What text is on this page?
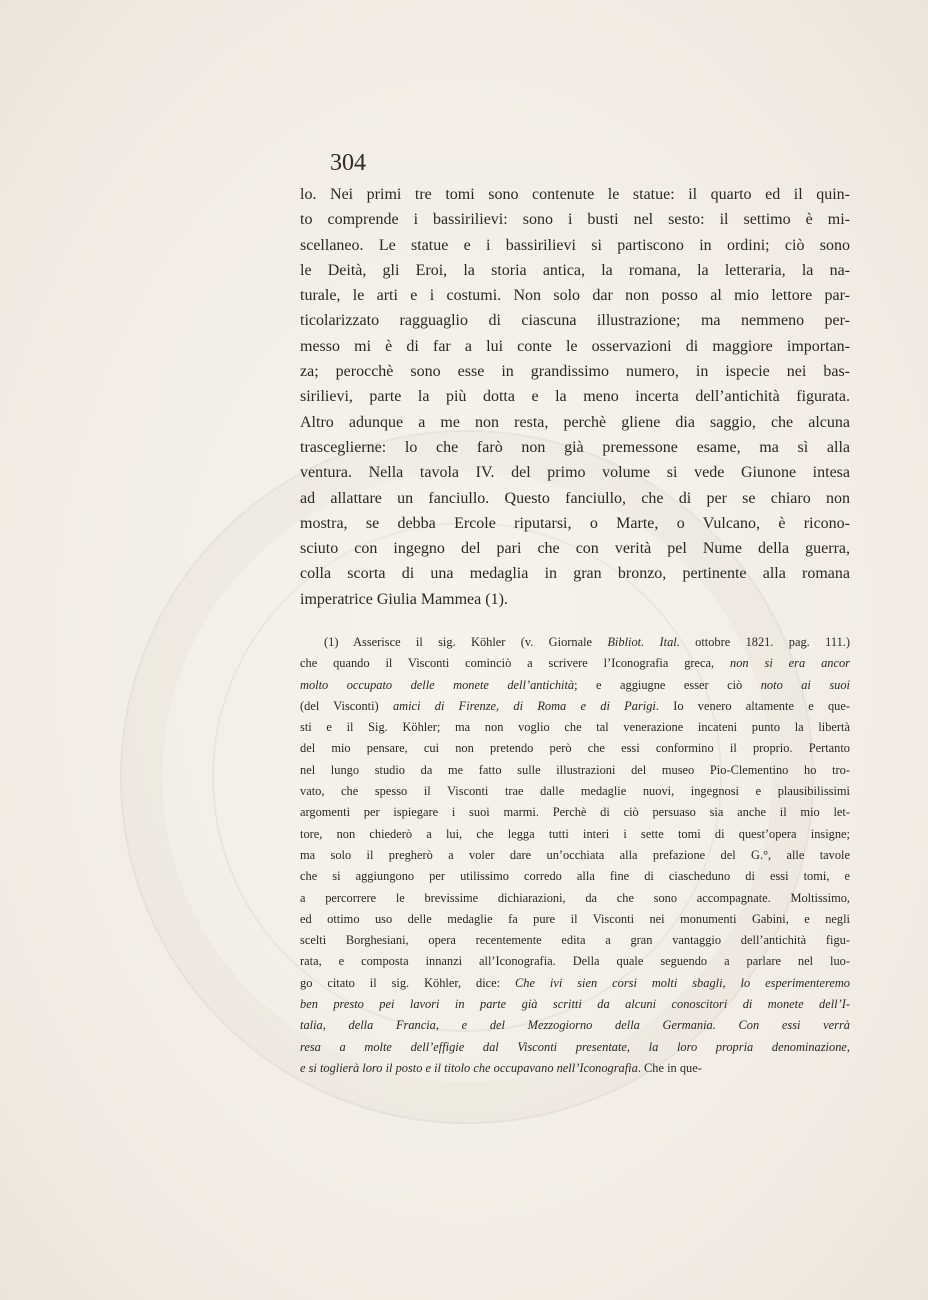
304
lo. Nei primi tre tomi sono contenute le statue: il quarto ed il quin-
to comprende i bassirilievi: sono i busti nel sesto: il settimo è mi-
scellaneo. Le statue e i bassirilievi si partiscono in ordini; ciò sono
le Deità, gli Eroi, la storia antica, la romana, la letteraria, la na-
turale, le arti e i costumi. Non solo dar non posso al mio lettore par-
ticolarizzato ragguaglio di ciascuna illustrazione; ma nemmeno per-
messo mi è di far a lui conte le osservazioni di maggiore importan-
za; perocchè sono esse in grandissimo numero, in ispecie nei bas-
sirilievi, parte la più dotta e la meno incerta dell’antichità figurata.
Altro adunque a me non resta, perchè gliene dia saggio, che alcuna
trasceglierne: lo che farò non già premessone esame, ma sì alla
ventura. Nella tavola IV. del primo volume si vede Giunone intesa
ad allattare un fanciullo. Questo fanciullo, che di per se chiaro non
mostra, se debba Ercole riputarsi, o Marte, o Vulcano, è ricono-
sciuto con ingegno del pari che con verità pel Nume della guerra,
colla scorta di una medaglia in gran bronzo, pertinente alla romana
imperatrice Giulia Mammea (1).
(1) Asserisce il sig. Köhler (v. Giornale Bibliot. Ital. ottobre 1821. pag. 111.)
che quando il Visconti cominciò a scrivere l’Iconografia greca, non si era ancor
molto occupato delle monete dell’antichità; e aggiugne esser ciò noto ai suoi
(del Visconti) amici di Firenze, di Roma e di Parigi. Io venero altamente e que-
sti e il Sig. Köhler; ma non voglio che tal venerazione incateni punto la libertà
del mio pensare, cui non pretendo però che essi conformino il proprio. Pertanto
nel lungo studio da me fatto sulle illustrazioni del museo Pio-Clementino ho tro-
vato, che spesso il Visconti trae dalle medaglie nuovi, ingegnosi e plausibilissimi
argomenti per ispiegare i suoi marmi. Perchè di ciò persuaso sia anche il mio let-
tore, non chiederò a lui, che legga tutti interi i sette tomi di quest’opera insigne;
ma solo il pregherò a voler dare un’occhiata alla prefazione del G.°, alle tavole
che si aggiungono per utilissimo corredo alla fine di ciascheduno di essi tomi, e
a percorrere le brevissime dichiarazioni, da che sono accompagnate. Moltissimo,
ed ottimo uso delle medaglie fa pure il Visconti nei monumenti Gabini, e negli
scelti Borghesiani, opera recentemente edita a gran vantaggio dell’antichità figu-
rata, e composta innanzi all’Iconografia. Della quale seguendo a parlare nel luo-
go citato il sig. Köhler, dice: Che ivi sien corsi molti sbagli, lo esperimenteremo
ben presto pei lavori in parte già scritti da alcuni conoscitori di monete dell’I-
talia, della Francia, e del Mezzogiorno della Germania. Con essi verrà
resa a molte dell’effigie dal Visconti presentate, la loro propria denominazione,
e si toglierà loro il posto e il titolo che occupavano nell’Iconografia. Che in que-
